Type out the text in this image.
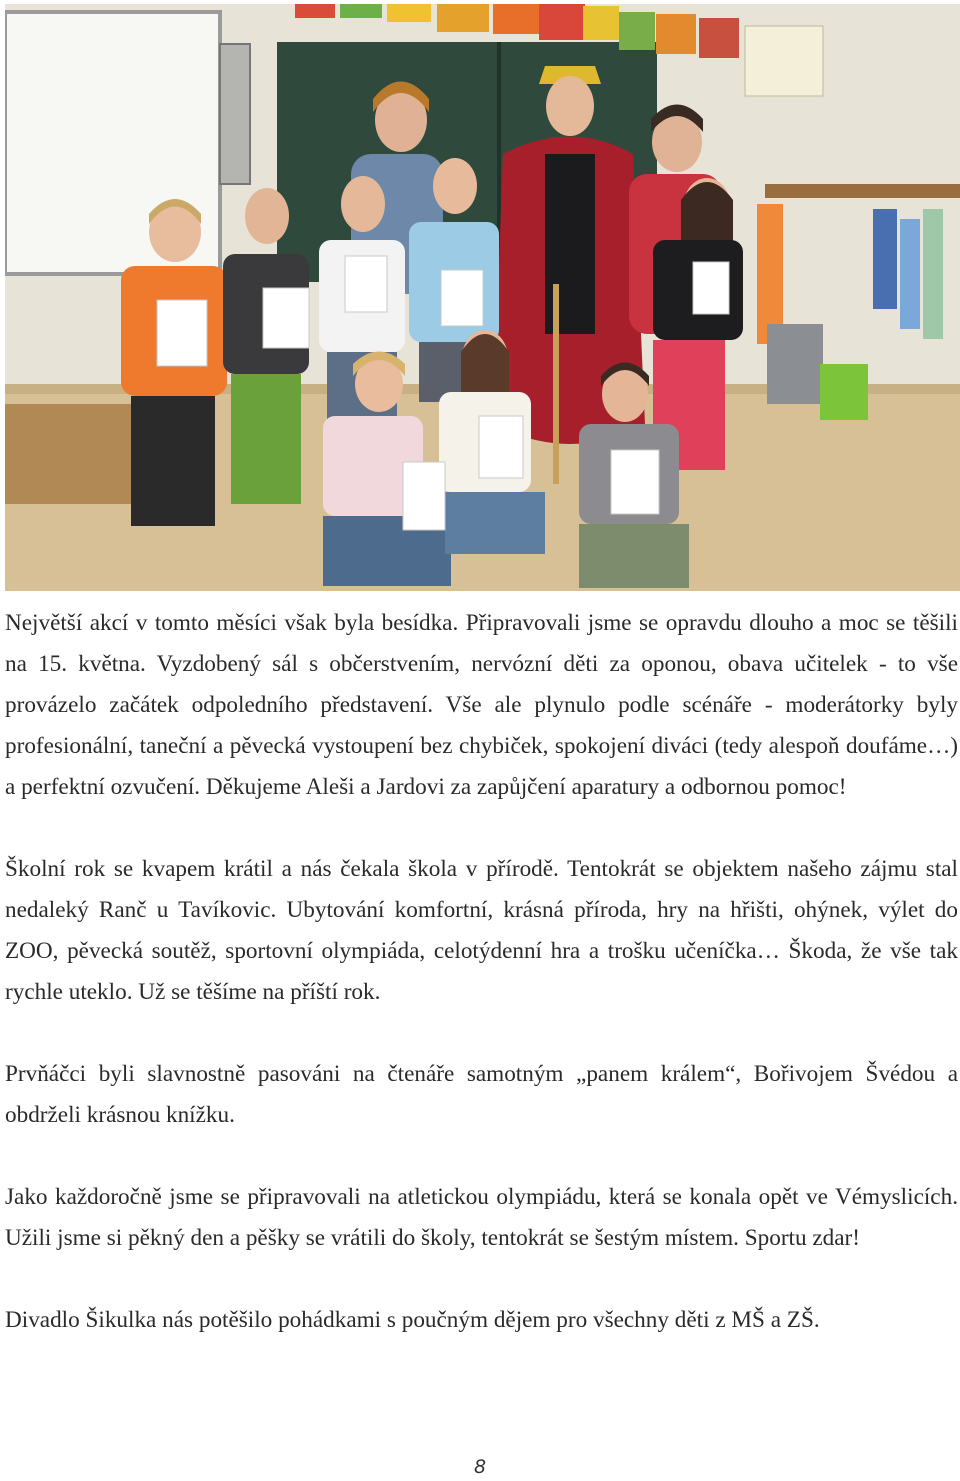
Největší akcí v tomto měsíci však byla besídka. Připravovali jsme se opravdu dlouho a moc se těšili na 15. května. Vyzdobený sál s občerstvením, nervózní děti za oponou, obava učitelek - to vše provázelo začátek odpoledního představení. Vše ale plynulo podle scénáře - moderátorky byly profesionální, taneční a pěvecká vystoupení bez chybiček, spokojení diváci (tedy alespoň doufáme…) a perfektní ozvučení. Děkujeme Aleši a Jardovi za zapůjčení aparatury a odbornou pomoc!

Školní rok se kvapem krátil a nás čekala škola v přírodě. Tentokrát se objektem našeho zájmu stal nedaleký Ranč u Tavíkovic. Ubytování komfortní, krásná příroda, hry na hřišti, ohýnek, výlet do ZOO, pěvecká soutěž, sportovní olympiáda, celotýdenní hra a trošku učeníčka… Škoda, že vše tak rychle uteklo. Už se těšíme na příští rok.

Prvňáčci byli slavnostně pasováni na čtenáře samotným „panem králem“, Bořivojem Švédou a obdrželi krásnou knížku.

Jako každoročně jsme se připravovali na atletickou olympiádu, která se konala opět ve Vémyslicích. Užili jsme si pěkný den a pěšky se vrátili do školy, tentokrát se šestým místem. Sportu zdar!

Divadlo Šikulka nás potěšilo pohádkami s poučným dějem pro všechny děti z MŠ a ZŠ.

8
